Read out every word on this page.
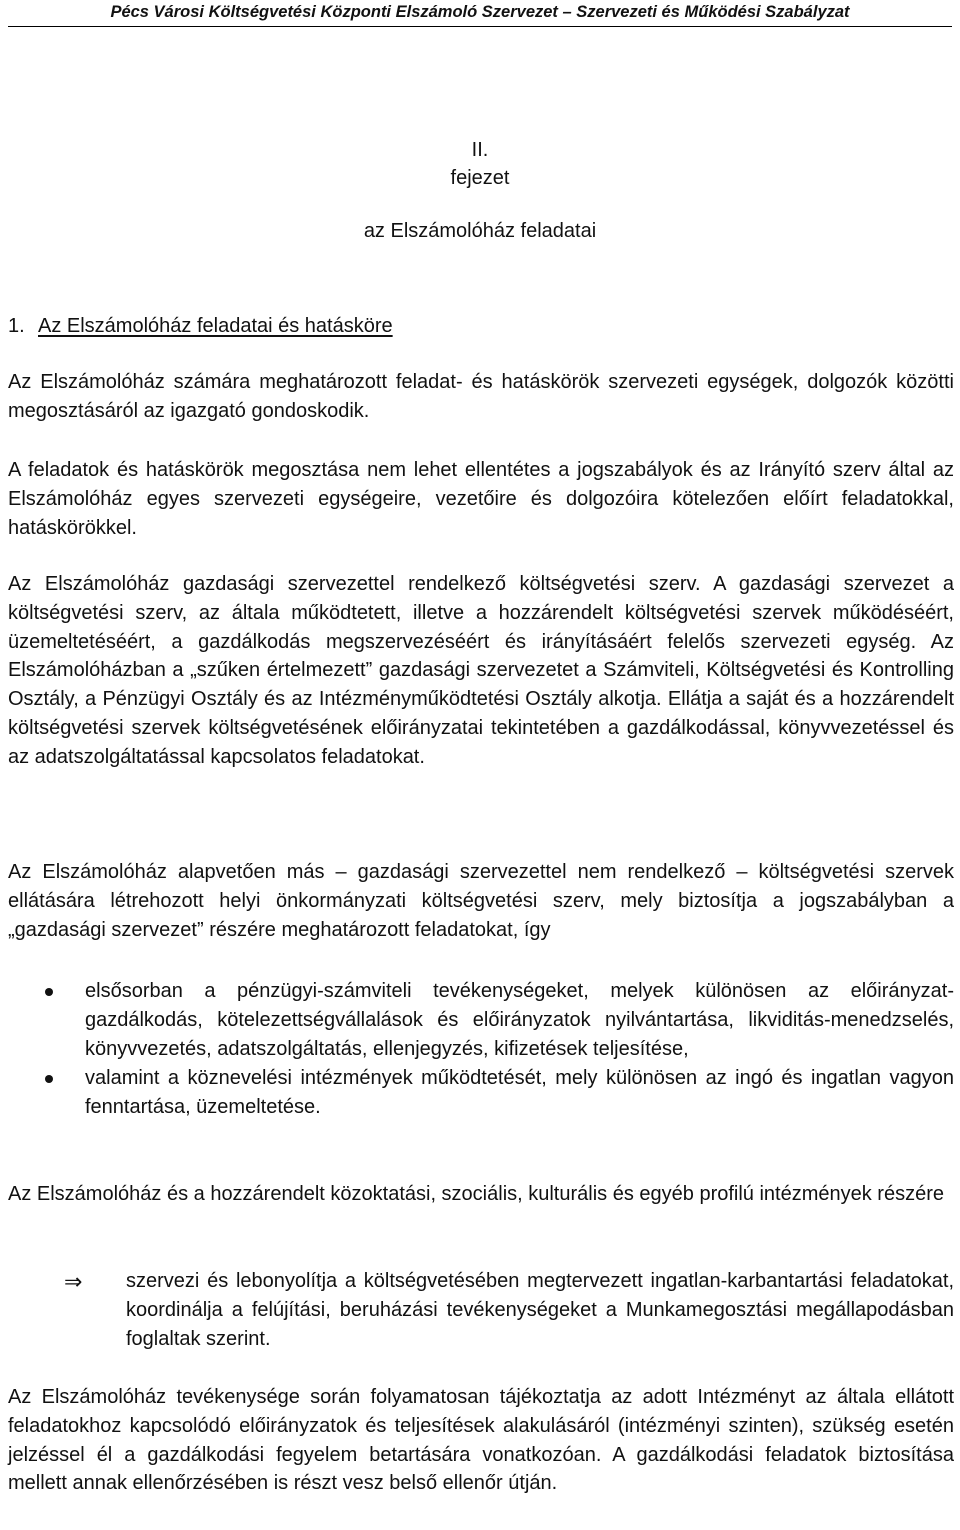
Pécs Városi Költségvetési Központi Elszámoló Szervezet – Szervezeti és Működési Szabályzat
II.
fejezet
az Elszámolóház feladatai
1. Az Elszámolóház feladatai és hatásköre

Az Elszámolóház számára meghatározott feladat- és hatáskörök szervezeti egységek, dolgozók közötti megosztásáról az igazgató gondoskodik.

A feladatok és hatáskörök megosztása nem lehet ellentétes a jogszabályok és az Irányító szerv által az Elszámolóház egyes szervezeti egységeire, vezetőire és dolgozóira kötelezően előírt feladatokkal, hatáskörökkel.

Az Elszámolóház gazdasági szervezettel rendelkező költségvetési szerv. A gazdasági szervezet a költségvetési szerv, az általa működtetett, illetve a hozzárendelt költségvetési szervek működéséért, üzemeltetéséért, a gazdálkodás megszervezéséért és irányításáért felelős szervezeti egység. Az Elszámolóházban a „szűken értelmezett” gazdasági szervezetet a Számviteli, Költségvetési és Kontrolling Osztály, a Pénzügyi Osztály és az Intézményműködtetési Osztály alkotja. Ellátja a saját és a hozzárendelt költségvetési szervek költségvetésének előirányzatai tekintetében a gazdálkodással, könyvvezetéssel és az adatszolgáltatással kapcsolatos feladatokat.

Az Elszámolóház alapvetően más – gazdasági szervezettel nem rendelkező – költségvetési szervek ellátására létrehozott helyi önkormányzati költségvetési szerv, mely biztosítja a jogszabályban a „gazdasági szervezet” részére meghatározott feladatokat, így

elsősorban a pénzügyi-számviteli tevékenységeket, melyek különösen az előirányzat-gazdálkodás, kötelezettségvállalások és előirányzatok nyilvántartása, likviditás-menedzselés, könyvvezetés, adatszolgáltatás, ellenjegyzés, kifizetések teljesítése,
valamint a köznevelési intézmények működtetését, mely különösen az ingó és ingatlan vagyon fenntartása, üzemeltetése.

Az Elszámolóház és a hozzárendelt közoktatási, szociális, kulturális és egyéb profilú intézmények részére

⇒	szervezi és lebonyolítja a költségvetésében megtervezett ingatlan-karbantartási feladatokat, koordinálja a felújítási, beruházási tevékenységeket a Munkamegosztási megállapodásban foglaltak szerint.

Az Elszámolóház tevékenysége során folyamatosan tájékoztatja az adott Intézményt az általa ellátott feladatokhoz kapcsolódó előirányzatok és teljesítések alakulásáról (intézményi szinten), szükség esetén jelzéssel él a gazdálkodási fegyelem betartására vonatkozóan. A gazdálkodási feladatok biztosítása mellett annak ellenőrzésében is részt vesz belső ellenőr útján.
